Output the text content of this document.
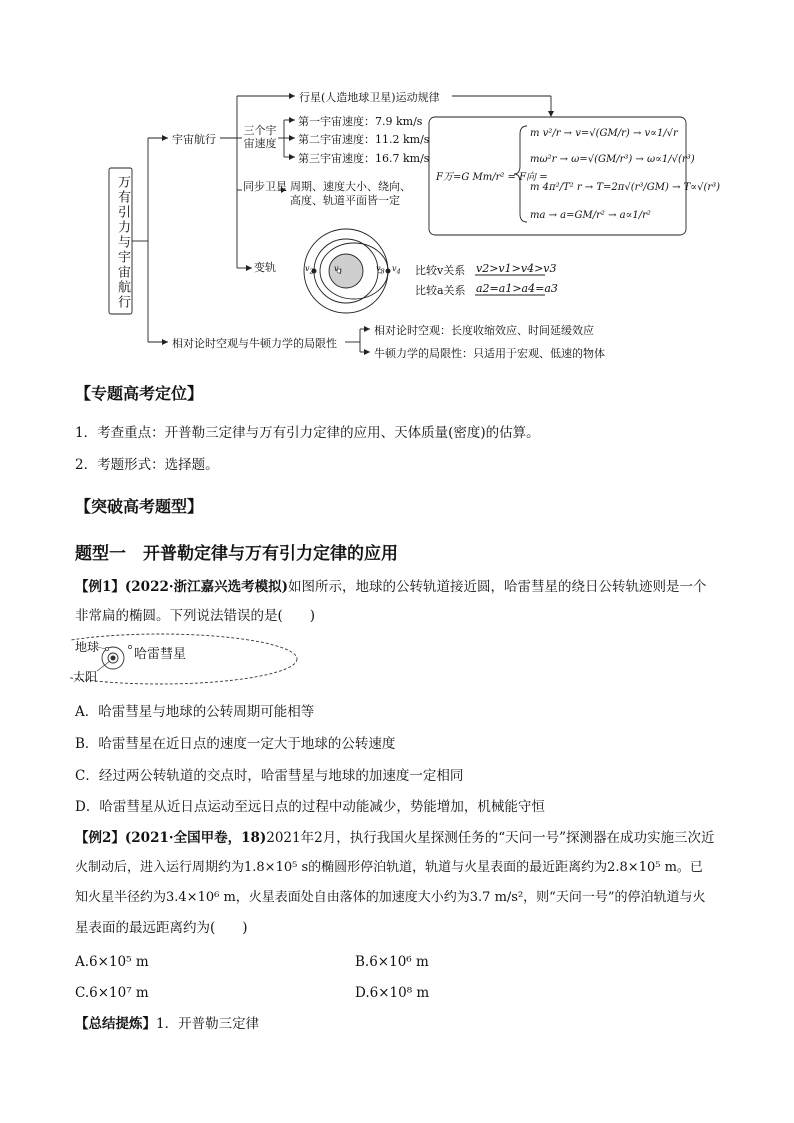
万有引力与宇宙航行
宇宙航行
行星(人造地球卫星)运动规律
三个宇宙速度
第一宇宙速度：7.9 km/s
第二宇宙速度：11.2 km/s
第三宇宙速度：16.7 km/s
同步卫星 周期、速度大小、绕向、
高度、轨道平面皆一定
变轨	$v_2$	$v_1$	$v_3$ $v_4$ 比较v关系 v2>v1>v4>v3
比较a关系 a2=a1>a4=a3
相对论时空观与牛顿力学的局限性
相对论时空观：长度收缩效应、时间延缓效应
牛顿力学的局限性：只适用于宏观、低速的物体
F万=G Mm/r² = F向 =
m v²/r → v=√(GM/r) → v∝1/√r
mω²r → ω=√(GM/r³) → ω∝1/√(r³)
m 4π²/T² r → T=2π√(r³/GM) → T∝√(r³)
ma → a=GM/r² → a∝1/r²
【专题高考定位】
1．考查重点：开普勒三定律与万有引力定律的应用、天体质量(密度)的估算。
2．考题形式：选择题。
【突破高考题型】
题型一　开普勒定律与万有引力定律的应用
【例1】(2022·浙江嘉兴选考模拟)如图所示，地球的公转轨道接近圆，哈雷彗星的绕日公转轨迹则是一个
非常扁的椭圆。下列说法错误的是(　　)
地球
太阳
哈雷彗星
A．哈雷彗星与地球的公转周期可能相等
B．哈雷彗星在近日点的速度一定大于地球的公转速度
C．经过两公转轨道的交点时，哈雷彗星与地球的加速度一定相同
D．哈雷彗星从近日点运动至远日点的过程中动能减少，势能增加，机械能守恒
【例2】(2021·全国甲卷，18)2021年2月，执行我国火星探测任务的“天问一号”探测器在成功实施三次近
火制动后，进入运行周期约为1.8×10⁵ s的椭圆形停泊轨道，轨道与火星表面的最近距离约为2.8×10⁵ m。已
知火星半径约为3.4×10⁶ m，火星表面处自由落体的加速度大小约为3.7 m/s²，则“天问一号”的停泊轨道与火
星表面的最远距离约为(　　)
A.6×10⁵ m	B.6×10⁶ m
C.6×10⁷ m	D.6×10⁸ m
【总结提炼】1．开普勒三定律
